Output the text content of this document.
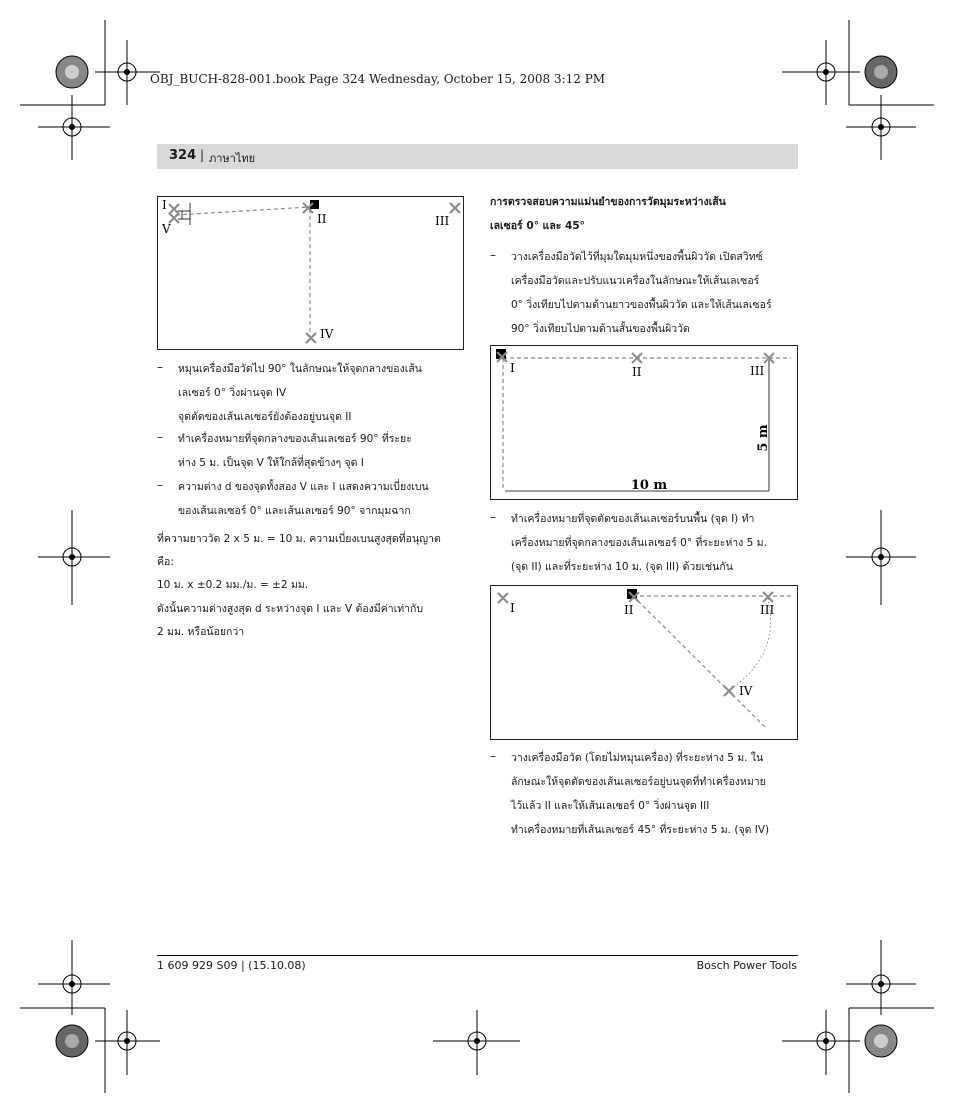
OBJ_BUCH-828-001.book Page 324 Wednesday, October 15, 2008 3:12 PM
324 | ภาษาไทย
I
V
II	III
IV
– หมุนเครื่องมือวัดไป 90° ในลักษณะให้จุดกลางของเส้น
เลเซอร์ 0° วิ่งผ่านจุด IV
จุดตัดของเส้นเลเซอร์ยังต้องอยู่บนจุด II
– ทำเครื่องหมายที่จุดกลางของเส้นเลเซอร์ 90° ที่ระยะ
ห่าง 5 ม. เป็นจุด V ให้ใกล้ที่สุดข้างๆ จุด I
– ความต่าง d ของจุดทั้งสอง V และ I แสดงความเบี่ยงเบน
ของเส้นเลเซอร์ 0° และเส้นเลเซอร์ 90° จากมุมฉาก
ที่ความยาววัด 2 x 5 ม. = 10 ม. ความเบี่ยงเบนสูงสุดที่อนุญาต
คือ:
10 ม. x ±0.2 มม./ม. = ±2 มม.
ดังนั้นความต่างสูงสุด d ระหว่างจุด I และ V ต้องมีค่าเท่ากับ
2 มม. หรือน้อยกว่า
การตรวจสอบความแม่นยำของการวัดมุมระหว่างเส้น
เลเซอร์ 0° และ 45°
– วางเครื่องมือวัดไว้ที่มุมใดมุมหนึ่งของพื้นผิววัด เปิดสวิทซ์
เครื่องมือวัดและปรับแนวเครื่องในลักษณะให้เส้นเลเซอร์
0° วิ่งเทียบไปตามด้านยาวของพื้นผิววัด และให้เส้นเลเซอร์
90° วิ่งเทียบไปตามด้านสั้นของพื้นผิววัด
I	II	III
5 m
10 m
– ทำเครื่องหมายที่จุดตัดของเส้นเลเซอร์บนพื้น (จุด I) ทำ
เครื่องหมายที่จุดกลางของเส้นเลเซอร์ 0° ที่ระยะห่าง 5 ม.
(จุด II) และที่ระยะห่าง 10 ม. (จุด III) ด้วยเช่นกัน
I	II	III
IV
– วางเครื่องมือวัด (โดยไม่หมุนเครื่อง) ที่ระยะห่าง 5 ม. ใน
ลักษณะให้จุดตัดของเส้นเลเซอร์อยู่บนจุดที่ทำเครื่องหมาย
ไว้แล้ว II และให้เส้นเลเซอร์ 0° วิ่งผ่านจุด III
ทำเครื่องหมายที่เส้นเลเซอร์ 45° ที่ระยะห่าง 5 ม. (จุด IV)
1 609 929 S09 | (15.10.08)	Bosch Power Tools
